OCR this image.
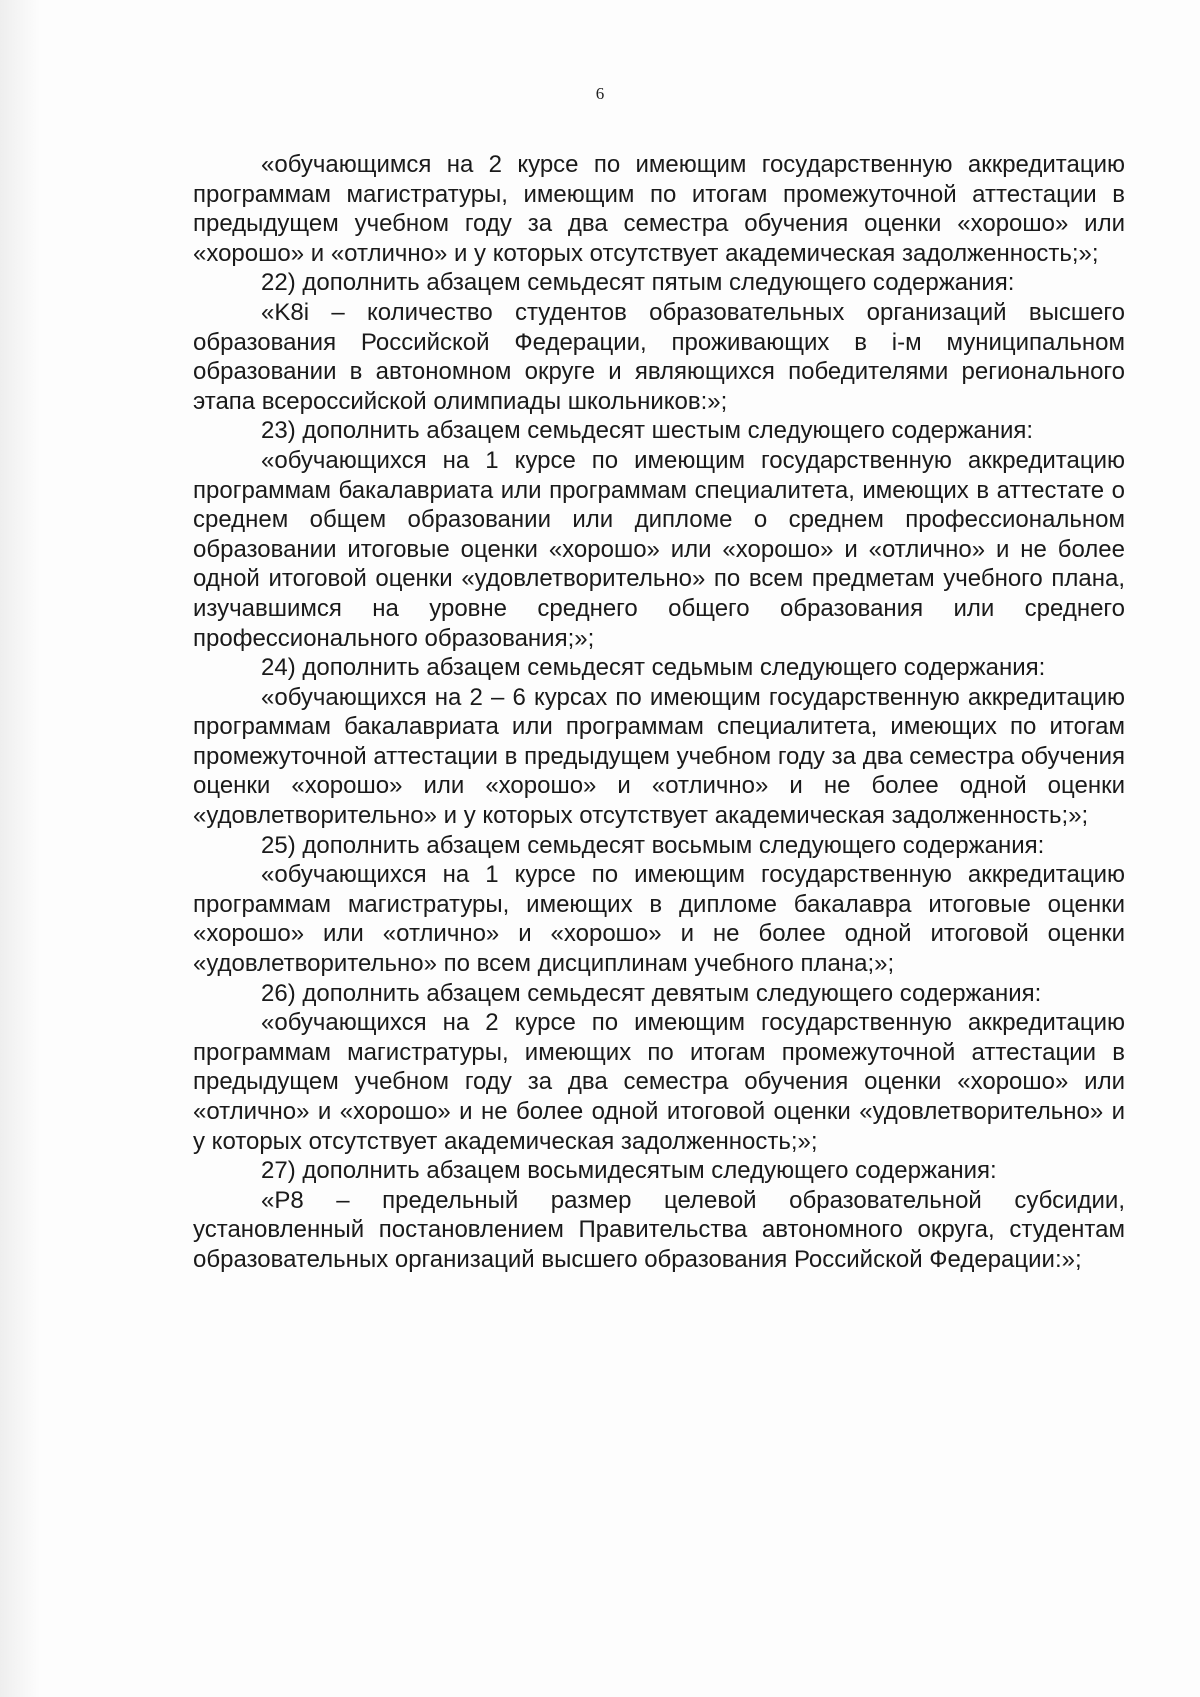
6

«обучающимся на 2 курсе по имеющим государственную аккредитацию программам магистратуры, имеющим по итогам промежуточной аттестации в предыдущем учебном году за два семестра обучения оценки «хорошо» или «хорошо» и «отлично» и у которых отсутствует академическая задолженность;»;

22) дополнить абзацем семьдесят пятым следующего содержания:

«K8i – количество студентов образовательных организаций высшего образования Российской Федерации, проживающих в i-м муниципальном образовании в автономном округе и являющихся победителями регионального этапа всероссийской олимпиады школьников:»;

23) дополнить абзацем семьдесят шестым следующего содержания:

«обучающихся на 1 курсе по имеющим государственную аккредитацию программам бакалавриата или программам специалитета, имеющих в аттестате о среднем общем образовании или дипломе о среднем профессиональном образовании итоговые оценки «хорошо» или «хорошо» и «отлично» и не более одной итоговой оценки «удовлетворительно» по всем предметам учебного плана, изучавшимся на уровне среднего общего образования или среднего профессионального образования;»;

24) дополнить абзацем семьдесят седьмым следующего содержания:

«обучающихся на 2 – 6 курсах по имеющим государственную аккредитацию программам бакалавриата или программам специалитета, имеющих по итогам промежуточной аттестации в предыдущем учебном году за два семестра обучения оценки «хорошо» или «хорошо» и «отлично» и не более одной оценки «удовлетворительно» и у которых отсутствует академическая задолженность;»;

25) дополнить абзацем семьдесят восьмым следующего содержания:

«обучающихся на 1 курсе по имеющим государственную аккредитацию программам магистратуры, имеющих в дипломе бакалавра итоговые оценки «хорошо» или «отлично» и «хорошо» и не более одной итоговой оценки «удовлетворительно» по всем дисциплинам учебного плана;»;

26) дополнить абзацем семьдесят девятым следующего содержания:

«обучающихся на 2 курсе по имеющим государственную аккредитацию программам магистратуры, имеющих по итогам промежуточной аттестации в предыдущем учебном году за два семестра обучения оценки «хорошо» или «отлично» и «хорошо» и не более одной итоговой оценки «удовлетворительно» и у которых отсутствует академическая задолженность;»;

27) дополнить абзацем восьмидесятым следующего содержания:

«P8 – предельный размер целевой образовательной субсидии, установленный постановлением Правительства автономного округа, студентам образовательных организаций высшего образования Российской Федерации:»;
